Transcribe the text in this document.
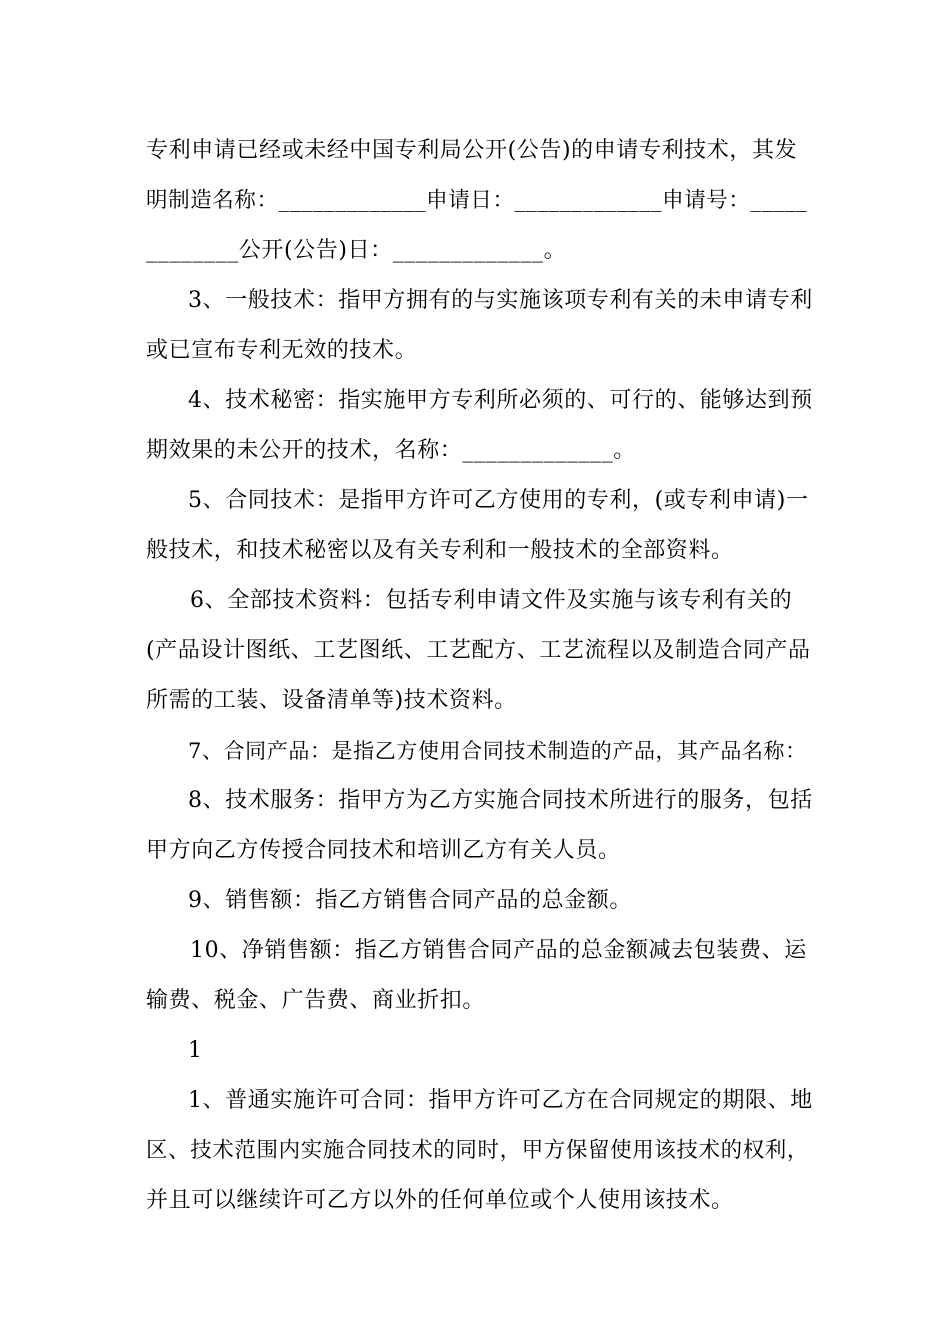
专利申请已经或未经中国专利局公开(公告)的申请专利技术，其发
明制造名称：_____________申请日：_____________申请号：_____
________公开(公告)日：_____________。
3、一般技术：指甲方拥有的与实施该项专利有关的未申请专利
或已宣布专利无效的技术。
4、技术秘密：指实施甲方专利所必须的、可行的、能够达到预
期效果的未公开的技术，名称：_____________。
5、合同技术：是指甲方许可乙方使用的专利，(或专利申请)一
般技术，和技术秘密以及有关专利和一般技术的全部资料。
6、全部技术资料：包括专利申请文件及实施与该专利有关的
(产品设计图纸、工艺图纸、工艺配方、工艺流程以及制造合同产品
所需的工装、设备清单等)技术资料。
7、合同产品：是指乙方使用合同技术制造的产品，其产品名称：
8、技术服务：指甲方为乙方实施合同技术所进行的服务，包括
甲方向乙方传授合同技术和培训乙方有关人员。
9、销售额：指乙方销售合同产品的总金额。
10、净销售额：指乙方销售合同产品的总金额减去包装费、运
输费、税金、广告费、商业折扣。
1
1、普通实施许可合同：指甲方许可乙方在合同规定的期限、地
区、技术范围内实施合同技术的同时，甲方保留使用该技术的权利，
并且可以继续许可乙方以外的任何单位或个人使用该技术。
